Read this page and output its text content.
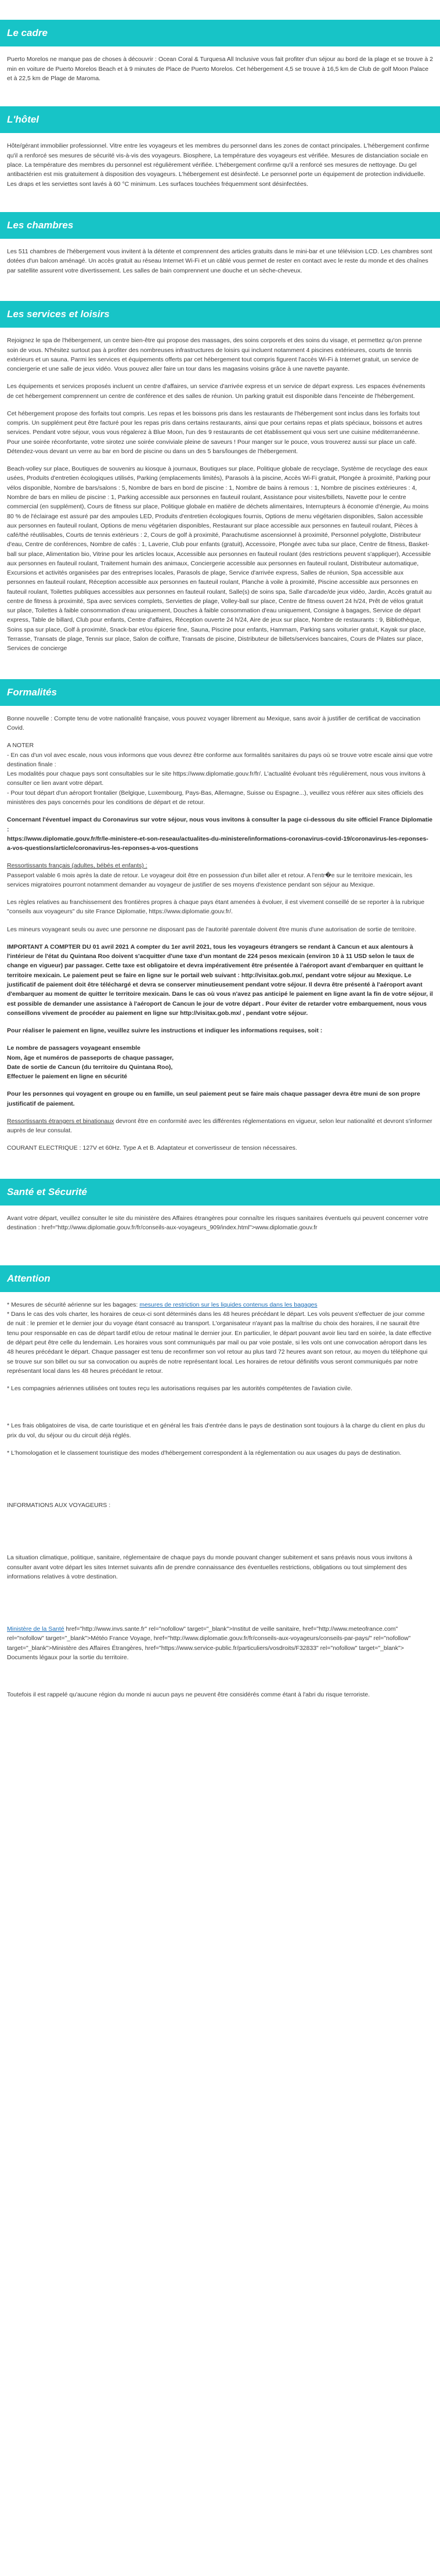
Le cadre

Puerto Morelos ne manque pas de choses à découvrir : Ocean Coral & Turquesa All Inclusive vous fait profiter d'un séjour au bord de la plage et se trouve à 2 min en voiture de Puerto Morelos Beach et à 9 minutes de Place de Puerto Morelos. Cet hébergement 4,5 se trouve à 16,5 km de Club de golf Moon Palace et à 22,5 km de Plage de Maroma.

L'hôtel

Hôte/gérant immobilier professionnel. Vitre entre les voyageurs et les membres du personnel dans les zones de contact principales. L'hébergement confirme qu'il a renforcé ses mesures de sécurité vis-à-vis des voyageurs. Biosphere, La température des voyageurs est vérifiée. Mesures de distanciation sociale en place. La température des membres du personnel est régulièrement vérifiée. L'hébergement confirme qu'il a renforcé ses mesures de nettoyage. Du gel antibactérien est mis gratuitement à disposition des voyageurs. L'hébergement est désinfecté. Le personnel porte un équipement de protection individuelle. Les draps et les serviettes sont lavés à 60 °C minimum. Les surfaces touchées fréquemment sont désinfectées.

Les chambres

Les 511 chambres de l'hébergement vous invitent à la détente et comprennent des articles gratuits dans le mini-bar et une télévision LCD. Les chambres sont dotées d'un balcon aménagé. Un accès gratuit au réseau Internet Wi-Fi et un câblé vous permet de rester en contact avec le reste du monde et des chaînes par satellite assurent votre divertissement. Les salles de bain comprennent une douche et un sèche-cheveux.

Les services et loisirs

Rejoignez le spa de l'hébergement, un centre bien-être qui propose des massages, des soins corporels et des soins du visage, et permettez qu'on prenne soin de vous. N'hésitez surtout pas à profiter des nombreuses infrastructures de loisirs qui incluent notamment 4 piscines extérieures, courts de tennis extérieurs et un sauna. Parmi les services et équipements offerts par cet hébergement tout compris figurent l'accès Wi-Fi à Internet gratuit, un service de conciergerie et une salle de jeux vidéo. Vous pouvez aller faire un tour dans les magasins voisins grâce à une navette payante.

Les équipements et services proposés incluent un centre d'affaires, un service d'arrivée express et un service de départ express. Les espaces événements de cet hébergement comprennent un centre de conférence et des salles de réunion. Un parking gratuit est disponible dans l'enceinte de l'hébergement.

Cet hébergement propose des forfaits tout compris. Les repas et les boissons pris dans les restaurants de l'hébergement sont inclus dans les forfaits tout compris. Un supplément peut être facturé pour les repas pris dans certains restaurants, ainsi que pour certains repas et plats spéciaux, boissons et autres services. Pendant votre séjour, vous vous régalerez à Blue Moon, l'un des 9 restaurants de cet établissement qui vous sert une cuisine méditerranéenne. Pour une soirée réconfortante, votre sirotez une soirée conviviale pleine de saveurs ! Pour manger sur le pouce, vous trouverez aussi sur place un café. Détendez-vous devant un verre au bar en bord de piscine ou dans un des 5 bars/lounges de l'hébergement.

Beach-volley sur place, Boutiques de souvenirs au kiosque à journaux, Boutiques sur place, Politique globale de recyclage, Système de recyclage des eaux usées, Produits d'entretien écologiques utilisés, Parking (emplacements limités), Parasols à la piscine, Accès Wi-Fi gratuit, Plongée à proximité, Parking pour vélos disponible, Nombre de bars/salons : 5, Nombre de bars en bord de piscine : 1, Nombre de bains à remous : 1, Nombre de piscines extérieures : 4, Nombre de bars en milieu de piscine : 1, Parking accessible aux personnes en fauteuil roulant, Assistance pour visites/billets, Navette pour le centre commercial (en supplément), Cours de fitness sur place, Politique globale en matière de déchets alimentaires, Interrupteurs à économie d'énergie, Au moins 80 % de l'éclairage est assuré par des ampoules LED, Produits d'entretien écologiques fournis, Options de menu végétarien disponibles, Salon accessible aux personnes en fauteuil roulant, Options de menu végétarien disponibles, Restaurant sur place accessible aux personnes en fauteuil roulant, Pièces à café/thé réutilisables, Courts de tennis extérieurs : 2, Cours de golf à proximité, Parachutisme ascensionnel à proximité, Personnel polyglotte, Distributeur d'eau, Centre de conférences, Nombre de cafés : 1, Laverie, Club pour enfants (gratuit), Accessoire, Plongée avec tuba sur place, Centre de fitness, Basket-ball sur place, Alimentation bio, Vitrine pour les articles locaux, Accessible aux personnes en fauteuil roulant (des restrictions peuvent s'appliquer), Accessible aux personnes en fauteuil roulant, Traitement humain des animaux, Conciergerie accessible aux personnes en fauteuil roulant, Distributeur automatique, Excursions et activités organisées par des entreprises locales, Parasols de plage, Service d'arrivée express, Salles de réunion, Spa accessible aux personnes en fauteuil roulant, Réception accessible aux personnes en fauteuil roulant, Planche à voile à proximité, Piscine accessible aux personnes en fauteuil roulant, Toilettes publiques accessibles aux personnes en fauteuil roulant, Salle(s) de soins spa, Salle d'arcade/de jeux vidéo, Jardin, Accès gratuit au centre de fitness à proximité, Spa avec services complets, Serviettes de plage, Volley-ball sur place, Centre de fitness ouvert 24 h/24, Prêt de vélos gratuit sur place, Toilettes à faible consommation d'eau uniquement, Douches à faible consommation d'eau uniquement, Consigne à bagages, Service de départ express, Table de billard, Club pour enfants, Centre d'affaires, Réception ouverte 24 h/24, Aire de jeux sur place, Nombre de restaurants : 9, Bibliothèque, Soins spa sur place, Golf à proximité, Snack-bar et/ou épicerie fine, Sauna, Piscine pour enfants, Hammam, Parking sans voiturier gratuit, Kayak sur place, Terrasse, Transats de plage, Tennis sur place, Salon de coiffure, Transats de piscine, Distributeur de billets/services bancaires, Cours de Pilates sur place, Services de concierge

Formalités

Bonne nouvelle : Compte tenu de votre nationalité française, vous pouvez voyager librement au Mexique, sans avoir à justifier de certificat de vaccination Covid.

A NOTER

- En cas d'un vol avec escale, nous vous informons que vous devrez être conforme aux formalités sanitaires du pays où se trouve votre escale ainsi que votre destination finale :

Les modalités pour chaque pays sont consultables sur le site https://www.diplomatie.gouv.fr/fr/. L'actualité évoluant très régulièrement, nous vous invitons à consulter ce lien avant votre départ.

- Pour tout départ d'un aéroport frontalier (Belgique, Luxembourg, Pays-Bas, Allemagne, Suisse ou Espagne...), veuillez vous référer aux sites officiels des ministères des pays concernés pour les conditions de départ et de retour.

Concernant l'éventuel impact du Coronavirus sur votre séjour, nous vous invitons à consulter la page ci-dessous du site officiel France Diplomatie :
https://www.diplomatie.gouv.fr/fr/le-ministere-et-son-reseau/actualites-du-ministere/informations-coronavirus-covid-19/coronavirus-les-reponses-a-vos-questions/article/coronavirus-les-reponses-a-vos-questions

Ressortissants français (adultes, bébés et enfants) :
Passeport valable 6 mois après la date de retour. Le voyageur doit être en possession d'un billet aller et retour. A l'entr�e sur le territoire mexicain, les services migratoires pourront notamment demander au voyageur de justifier de ses moyens d'existence pendant son séjour au Mexique.

Les règles relatives au franchissement des frontières propres à chaque pays étant amenées à évoluer, il est vivement conseillé de se reporter à la rubrique "conseils aux voyageurs" du site France Diplomatie, https://www.diplomatie.gouv.fr/.

Les mineurs voyageant seuls ou avec une personne ne disposant pas de l'autorité parentale doivent être munis d'une autorisation de sortie de territoire.

IMPORTANT A COMPTER DU 01 avril 2021 A compter du 1er avril 2021, tous les voyageurs étrangers se rendant à Cancun et aux alentours à l'intérieur de l'état du Quintana Roo doivent s'acquitter d'une taxe d'un montant de 224 pesos mexicain (environ 10 à 11 USD selon le taux de change en vigueur) par passager. Cette taxe est obligatoire et devra impérativement être présentée à l'aéroport avant d'embarquer en quittant le territoire mexicain. Le paiement peut se faire en ligne sur le portail web suivant : http://visitax.gob.mx/, pendant votre séjour au Mexique. Le justificatif de paiement doit être téléchargé et devra se conserver minutieusement pendant votre séjour. Il devra être présenté à l'aéroport avant d'embarquer au moment de quitter le territoire mexicain. Dans le cas où vous n'avez pas anticipé le paiement en ligne avant la fin de votre séjour, il est possible de demander une assistance à l'aéroport de Cancun le jour de votre départ . Pour éviter de retarder votre embarquement, nous vous conseillons vivement de procéder au paiement en ligne sur http://visitax.gob.mx/ , pendant votre séjour.

Pour réaliser le paiement en ligne, veuillez suivre les instructions et indiquer les informations requises, soit :

Le nombre de passagers voyageant ensemble
Nom, âge et numéros de passeports de chaque passager,
Date de sortie de Cancun (du territoire du Quintana Roo),
Effectuer le paiement en ligne en sécurité

Pour les personnes qui voyagent en groupe ou en famille, un seul paiement peut se faire mais chaque passager devra être muni de son propre justificatif de paiement.

Ressortissants étrangers et binationaux devront être en conformité avec les différentes réglementations en vigueur, selon leur nationalité et devront s'informer auprès de leur consulat.

COURANT ELECTRIQUE : 127V et 60Hz. Type A et B. Adaptateur et convertisseur de tension nécessaires.

Santé et Sécurité

Avant votre départ, veuillez consulter le site du ministère des Affaires étrangères pour connaître les risques sanitaires éventuels qui peuvent concerner votre destination : href="http://www.diplomatie.gouv.fr/fr/conseils-aux-voyageurs_909/index.html">www.diplomatie.gouv.fr

Attention

* Mesures de sécurité aérienne sur les bagages: mesures de restriction sur les liquides contenus dans les bagages

* Dans le cas des vols charter, les horaires de ceux-ci sont déterminés dans les 48 heures précédant le départ. Les vols peuvent s'effectuer de jour comme de nuit : le premier et le dernier jour du voyage étant consacré au transport. L'organisateur n'ayant pas la maîtrise du choix des horaires, il ne saurait être tenu pour responsable en cas de départ tardif et/ou de retour matinal le dernier jour. En particulier, le départ pouvant avoir lieu tard en soirée, la date effective de départ peut être celle du lendemain. Les horaires vous sont communiqués par mail ou par voie postale, si les vols ont une convocation aéroport dans les 48 heures précédant le départ. Chaque passager est tenu de reconfirmer son vol retour au plus tard 72 heures avant son retour, au moyen du téléphone qui se trouve sur son billet ou sur sa convocation ou auprès de notre représentant local. Les horaires de retour définitifs vous seront communiqués par notre représentant local dans les 48 heures précédant le retour.

* Les compagnies aériennes utilisées ont toutes reçu les autorisations requises par les autorités compétentes de l'aviation civile.

* Les frais obligatoires de visa, de carte touristique et en général les frais d'entrée dans le pays de destination sont toujours à la charge du client en plus du prix du vol, du séjour ou du circuit déjà réglés.

* L'homologation et le classement touristique des modes d'hébergement correspondent à la réglementation ou aux usages du pays de destination.

INFORMATIONS AUX VOYAGEURS :

La situation climatique, politique, sanitaire, réglementaire de chaque pays du monde pouvant changer subitement et sans préavis nous vous invitons à consulter avant votre départ les sites Internet suivants afin de prendre connaissance des éventuelles restrictions, obligations ou tout simplement des informations relatives à votre destination.

Ministère de la Santé href="http://www.invs.sante.fr" rel="nofollow" target="_blank">Institut de veille sanitaire, href="http://www.meteofrance.com" rel="nofollow" target="_blank">Météo France Voyage, href="http://www.diplomatie.gouv.fr/fr/conseils-aux-voyageurs/conseils-par-pays/" rel="nofollow" target="_blank">Ministère des Affaires Étrangères, href="https://www.service-public.fr/particuliers/vosdroits/F32833" rel="nofollow" target="_blank"> Documents légaux pour la sortie du territoire.

Toutefois il est rappelé qu'aucune région du monde ni aucun pays ne peuvent être considérés comme étant à l'abri du risque terroriste.
